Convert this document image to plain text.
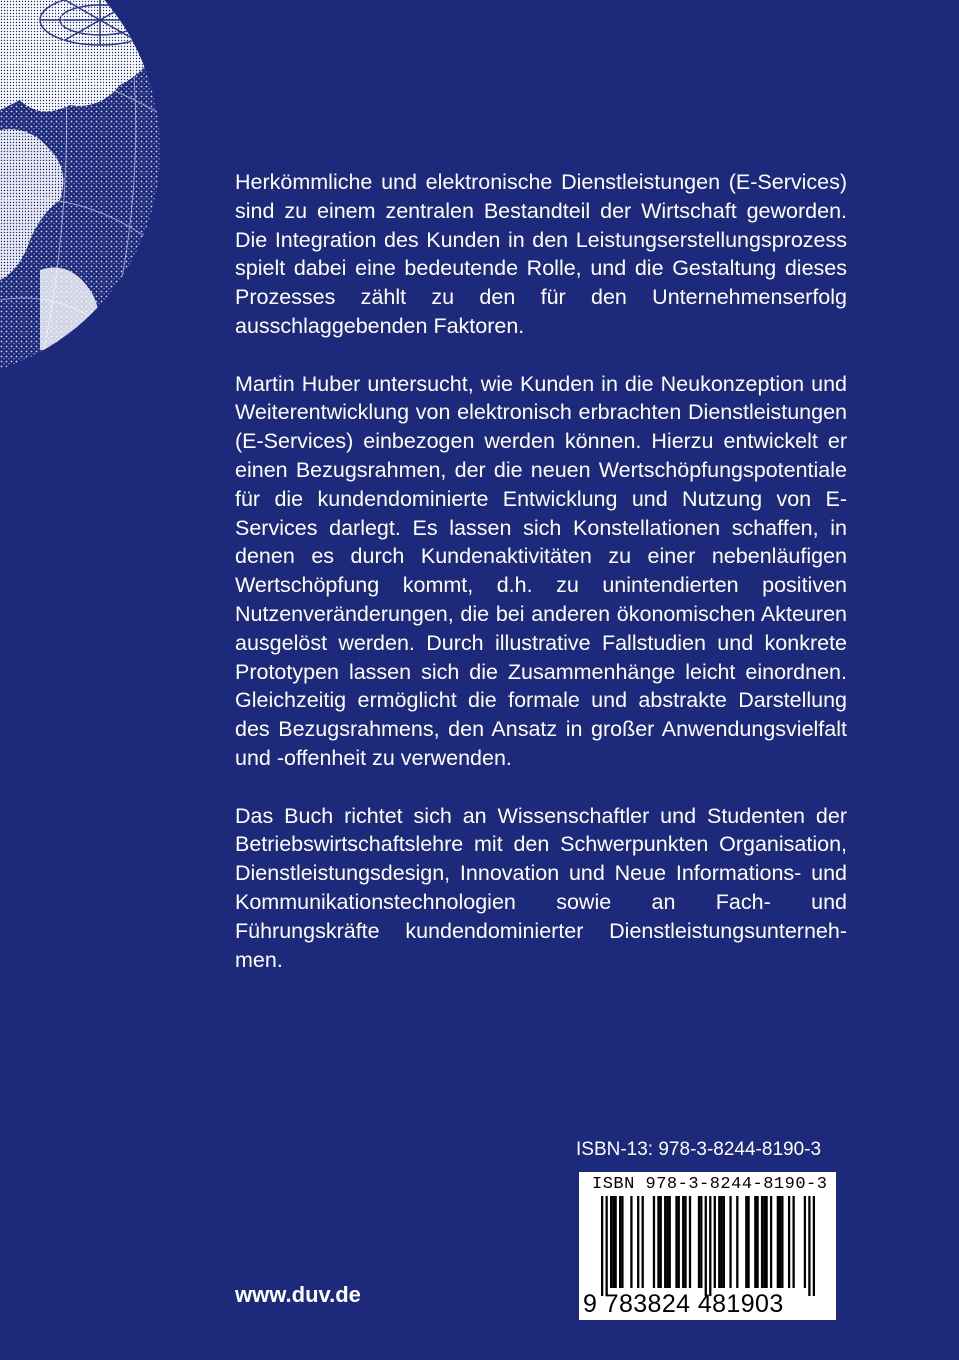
Herkömmliche und elektronische Dienstleistungen (E-Services) sind zu einem zentralen Bestandteil der Wirtschaft geworden. Die Integration des Kunden in den Leistungserstellungsprozess spielt dabei eine bedeutende Rolle, und die Gestaltung dieses Prozesses zählt zu den für den Unternehmenserfolg ausschlaggebenden Faktoren.

Martin Huber untersucht, wie Kunden in die Neukonzeption und Weiterentwicklung von elektronisch erbrachten Dienstleistungen (E-Services) einbezogen werden können. Hierzu entwickelt er einen Bezugsrahmen, der die neuen Wertschöpfungspotentiale für die kundendominierte Entwicklung und Nutzung von E-Services darlegt. Es lassen sich Konstellationen schaffen, in denen es durch Kundenaktivitäten zu einer nebenläufigen Wertschöpfung kommt, d.h. zu unintendierten positiven Nutzenveränderungen, die bei anderen ökonomischen Akteuren ausgelöst werden. Durch illustrative Fallstudien und konkrete Prototypen lassen sich die Zusammenhänge leicht einordnen. Gleichzeitig ermöglicht die formale und abstrakte Darstellung des Bezugsrahmens, den Ansatz in großer Anwendungsvielfalt und -offenheit zu verwenden.

Das Buch richtet sich an Wissenschaftler und Studenten der Betriebswirtschaftslehre mit den Schwerpunkten Organisation, Dienstleistungsdesign, Innovation und Neue Informations- und Kommunikationstechnologien sowie an Fach- und Führungskräfte kundendominierter Dienstleistungsunternehmen.

ISBN-13: 978-3-8244-8190-3
ISBN 978-3-8244-8190-3
9 783824 481903
www.duv.de
